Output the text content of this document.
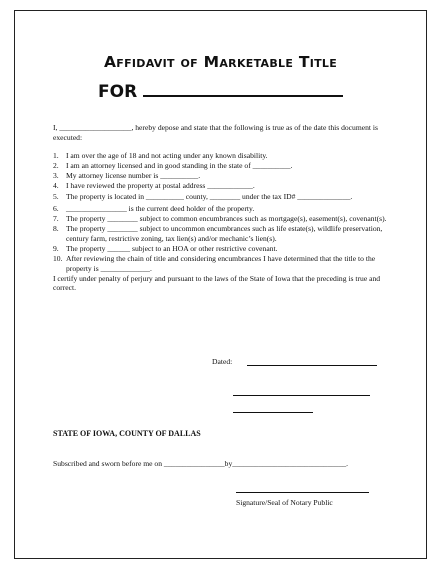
Affidavit of Marketable Title
FOR

I, ___________________, hereby depose and state that the following is true as of the date this document is executed:

1. I am over the age of 18 and not acting under any known disability.
2. I am an attorney licensed and in good standing in the state of __________.
3. My attorney license number is __________.
4. I have reviewed the property at postal address ____________.
5. The property is located in __________ county, ________ under the tax ID# ______________.
6. ________________ is the current deed holder of the property.
7. The property ________ subject to common encumbrances such as mortgage(s), easement(s), covenant(s).
8. The property ________ subject to uncommon encumbrances such as life estate(s), wildlife preservation, century farm, restrictive zoning, tax lien(s) and/or mechanic’s lien(s).
9. The property ______ subject to an HOA or other restrictive covenant.
10. After reviewing the chain of title and considering encumbrances I have determined that the title to the property is _____________.

I certify under penalty of perjury and pursuant to the laws of the State of Iowa that the preceding is true and correct.

Dated:
STATE OF IOWA, COUNTY OF DALLAS
Subscribed and sworn before me on ________________by______________________________.
Signature/Seal of Notary Public
